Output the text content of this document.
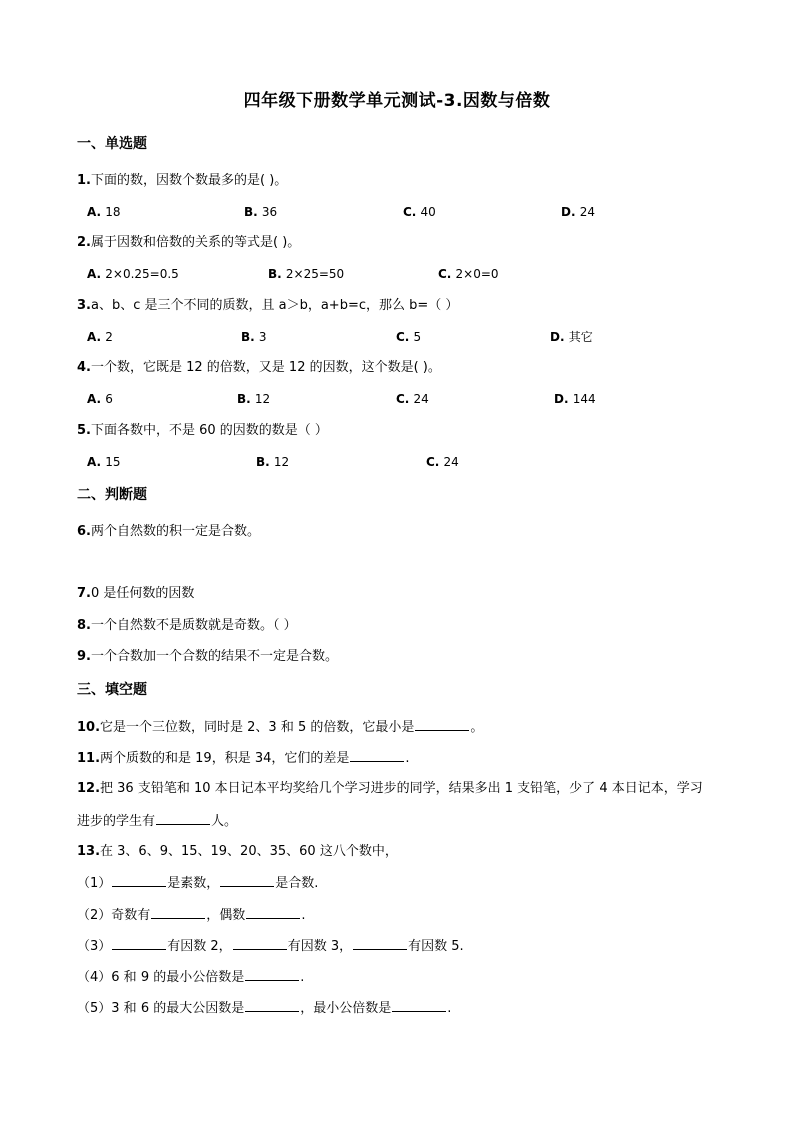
四年级下册数学单元测试-3.因数与倍数
一、单选题
1.下面的数，因数个数最多的是( )。
A. 18	B. 36	C. 40	D. 24
2.属于因数和倍数的关系的等式是( )。
A. 2×0.25=0.5	B. 2×25=50	C. 2×0=0
3.a、b、c 是三个不同的质数，且 a＞b，a+b=c，那么 b=（ ）
A. 2	B. 3	C. 5	D. 其它
4.一个数，它既是 12 的倍数，又是 12 的因数，这个数是( )。
A. 6	B. 12	C. 24	D. 144
5.下面各数中，不是 60 的因数的数是（ ）
A. 15	B. 12	C. 24
二、判断题
6.两个自然数的积一定是合数。
7.0 是任何数的因数
8.一个自然数不是质数就是奇数。（ ）
9.一个合数加一个合数的结果不一定是合数。
三、填空题
10.它是一个三位数，同时是 2、3 和 5 的倍数，它最小是	。
11.两个质数的和是 19，积是 34，它们的差是	.
12.把 36 支铅笔和 10 本日记本平均奖给几个学习进步的同学，结果多出 1 支铅笔，少了 4 本日记本，学习
进步的学生有	人。
13.在 3、6、9、15、19、20、35、60 这八个数中，
（1）	是素数，	是合数.
（2）奇数有	，偶数	.
（3）	有因数 2，	有因数 3，	有因数 5.
（4）6 和 9 的最小公倍数是	.
（5）3 和 6 的最大公因数是	，最小公倍数是	.
